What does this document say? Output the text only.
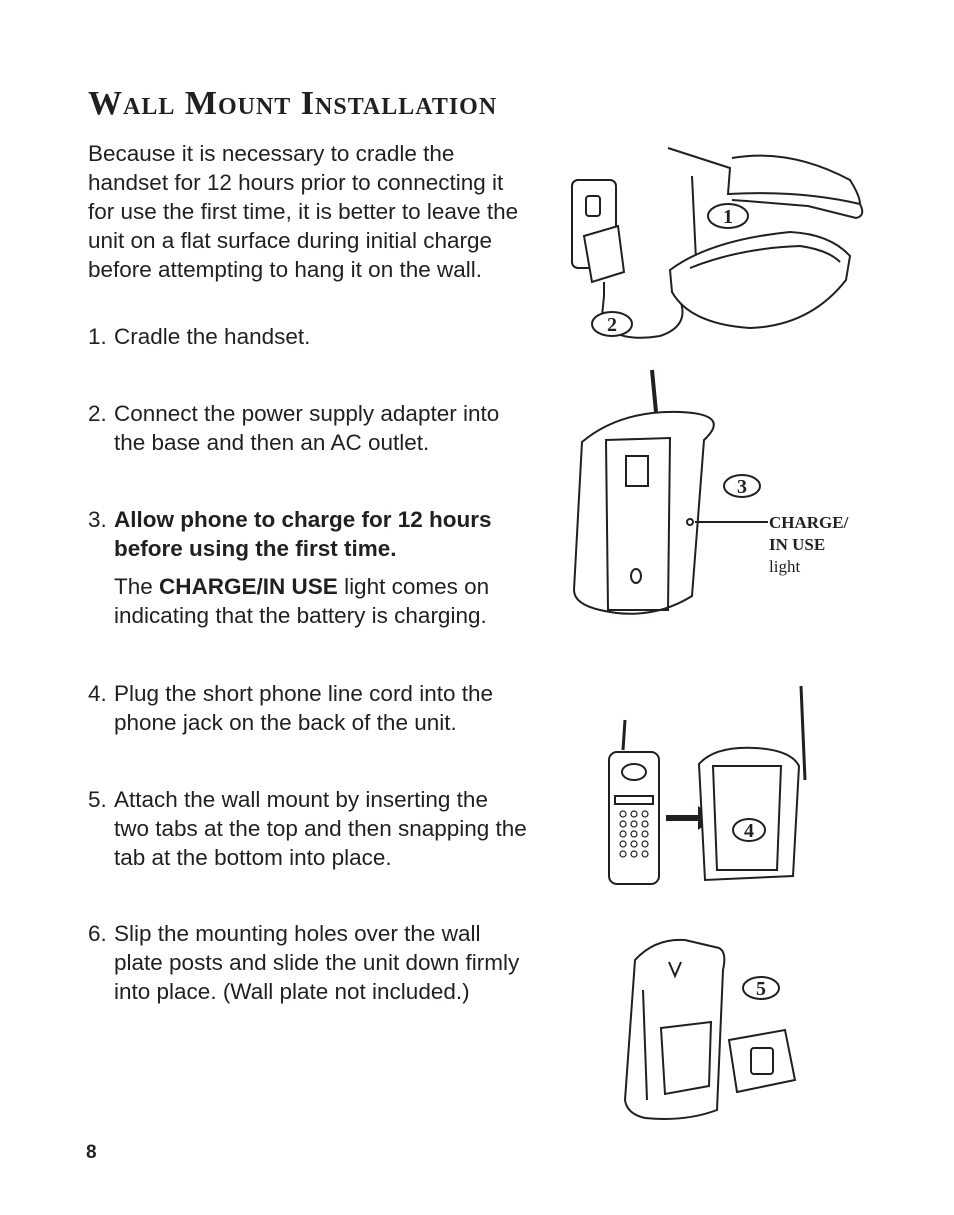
Wall Mount Installation

Because it is necessary to cradle the handset for 12 hours prior to connecting it for use the first time, it is better to leave the unit on a flat surface during initial charge before attempting to hang it on the wall.

1. Cradle the handset.
2. Connect the power supply adapter into the base and then an AC outlet.
3. Allow phone to charge for 12 hours before using the first time.
The CHARGE/IN USE light comes on indicating that the battery is charging.
4. Plug the short phone line cord into the phone jack on the back of the unit.
5. Attach the wall mount by inserting the two tabs at the top and then snapping the tab at the bottom into place.
6. Slip the mounting holes over the wall plate posts and slide the unit down firmly into place. (Wall plate not included.)
1
2
3
CHARGE/
IN USE
light
4
5
8
